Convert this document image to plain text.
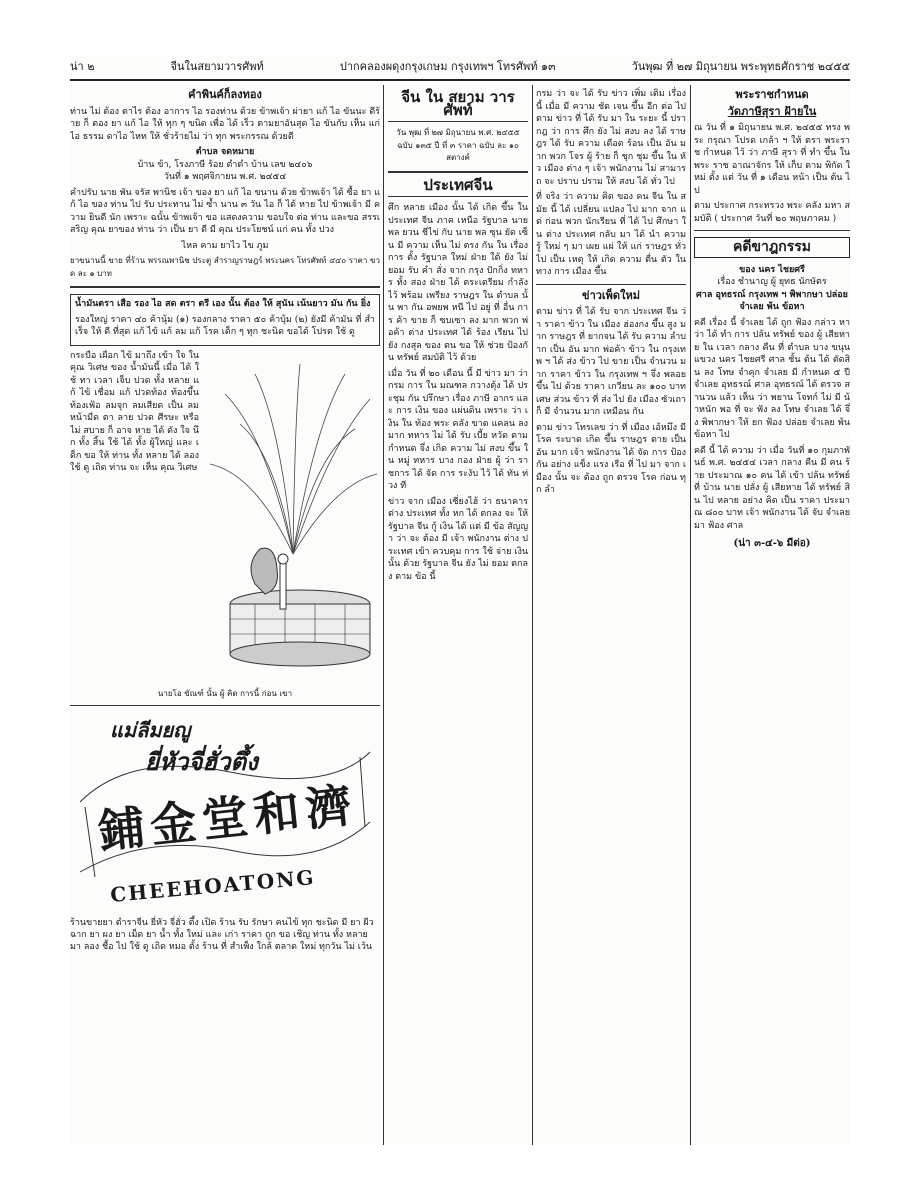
น่า ๒	จีนในสยามวารศัพท์	ปากคลองผดุงกรุงเกษม กรุงเทพฯ โทรศัพท์ ๑๓	วันพุฒ ที่ ๒๗ มิถุนายน พระพุทธศักราช ๒๔๕๕
คำพินค์ก็ลงทอง

ท่าน ไม่ ต้อง ตาไร ต้อง อาการ ไอ รองท่าน ด้วย ข้าพเจ้า ผ่ายา แก้ ไอ ขันนะ ดีร้าย ก็ ตอง ยา แก้ ไอ ให้ ทุก ๆ ขนิด เพื่อ ได้ เร็ว ตามยาอันสุด ไอ ขันกับ เห็น แก่ ไอ ธรรม ดาไอ ไหท ให้ ชั่วร้ายไม่ ว่า ทุก พระกรรณ ด้วยดี

ตำบล จดหมาย
บ้าน ข้า, โรงภาษี ร้อย ตำตำ บ้าน เลข ๒๔๐๖
วันที่ ๑ พฤศจิกายน พ.ศ. ๒๔๕๔

คำปรับ นาย พัน จรัส พานิช เจ้า ของ ยา แก้ ไอ ขนาน ด้วย ข้าพเจ้า ได้ ซื้อ ยา แก้ ไอ ของ ท่าน ไป รับ ประทาน ไม่ ซ้ำ นาน ๓ วัน ไอ ก็ ได้ หาย ไป ข้าพเจ้า มี ความ ยินดี นัก เพราะ ฉนั้น ข้าพเจ้า ขอ แสดงความ ขอบใจ ต่อ ท่าน และขอ สรรเสริญ คุณ ยาของ ท่าน ว่า เป็น ยา ดี มี คุณ ประโยชน์ แก่ คน ทั้ง ปวง

ไหล คาม ยาไว ไข ภูม

ยาขนานนี้ ขาย ที่ร้าน พรรณพานิช ประตู สำราญราษฎร์ พระนคร โทรศัพท์ ๔๔๐ ราคา ขวด ละ ๑ บาท

น้ำมันตรา เสือ รอง ไอ สด ตรา ตรี เอง นั้น ต้อง ให้ สุนัน เน้นยาว มัน กัน ยิ่ง

รองใหญ่ ราคา ๔๐ ค้านุ้ม (๑) รองกลาง ราคา ๕๐ ค้าบุ้ม (๒) ยังมี ค้ามัน ที่ สำเร็จ ให้ ดี ที่สุด แก้ ไข้ แก้ ลม แก้ โรค เด็ก ๆ ทุก ชะนิด ขอได้ โปรด ใช้ ดู

กระบือ เผือก ไข้ มาถึง เข้า ใจ ใน คุณ วิเศษ ของ น้ำมันนี้ เมื่อ ได้ ใช้ ทา เวลา เจ็บ ปวด ทั้ง หลาย แก้ ไข้ เชื่อม แก้ ปวดท้อง ท้องขึ้น ท้องเฟ้อ ลมจุก ลมเสียด เป็น ลม หน้ามืด ตา ลาย ปวด ศีรษะ หรือ ไม่ สบาย ก็ อาจ หาย ได้ ดัง ใจ นึก ทั้ง สิ้น ใช้ ได้ ทั้ง ผู้ใหญ่ และ เด็ก ขอ ให้ ท่าน ทั้ง หลาย ได้ ลอง ใช้ ดู เถิด ท่าน จะ เห็น คุณ วิเศษ

นายโอ ขัณฑ์ นั้น ผู้ คิด การนี้ ก่อน เขา
แม่ลีมยญู
ยี่หัวจี่ฮั่วตึ้ง
鋪金堂和濟
CHEEHOATONG
ร้านขายยา ตำราจีน ยี่หัว จี่ฮั่ว ตึ้ง เปิด ร้าน รับ รักษา คนไข้ ทุก ชะนิด มี ยา ผีวฉาก ยา ผง ยา เม็ด ยา น้ำ ทั้ง ใหม่ และ เก่า ราคา ถูก ขอ เชิญ ท่าน ทั้ง หลาย มา ลอง ชื้อ ไป ใช้ ดู เถิด หมอ ตั้ง ร้าน ที่ สำเพ็ง ใกล้ ตลาด ใหม่ ทุกวัน ไม่ เว้น
จีน ใน สยาม วารศัพท์
วัน พุฒ ที่ ๒๗ มิถุนายน พ.ศ. ๒๔๕๕
ฉบับ ๑๓๕ ปี ที่ ๓ ราคา ฉบับ ละ ๑๐ สตางค์
ประเทศจีน

ศึก หลาย เมือง นั้น ได้ เกิด ขึ้น ใน ประเทศ จีน ภาค เหนือ รัฐบาล นาย พล ยวน ชีไข่ กับ นาย พล ซุน ยัด เซ็น มี ความ เห็น ไม่ ตรง กัน ใน เรื่อง การ ตั้ง รัฐบาล ใหม่ ฝ่าย ใต้ ยัง ไม่ ยอม รับ คำ สั่ง จาก กรุง ปักกิ่ง ทหาร ทั้ง สอง ฝ่าย ได้ ตระเตรียม กำลัง ไว้ พร้อม เพรียง ราษฎร ใน ตำบล นั้น พา กัน อพยพ หนี ไป อยู่ ที่ อื่น การ ค้า ขาย ก็ ซบเซา ลง มาก พวก พ่อค้า ต่าง ประเทศ ได้ ร้อง เรียน ไป ยัง กงสุล ของ ตน ขอ ให้ ช่วย ป้องกัน ทรัพย์ สมบัติ ไว้ ด้วย

เมื่อ วัน ที่ ๒๐ เดือน นี้ มี ข่าว มา ว่า กรม การ ใน มณฑล กวางตุ้ง ได้ ประชุม กัน ปรึกษา เรื่อง ภาษี อากร และ การ เงิน ของ แผ่นดิน เพราะ ว่า เงิน ใน ท้อง พระ คลัง ขาด แคลน ลง มาก ทหาร ไม่ ได้ รับ เบี้ย หวัด ตาม กำหนด จึ่ง เกิด ความ ไม่ สงบ ขึ้น ใน หมู่ ทหาร บาง กอง ฝ่าย ผู้ ว่า ราชการ ได้ จัด การ ระงับ ไว้ ได้ ทัน ท่วง ที

ข่าว จาก เมือง เซี่ยงไฮ้ ว่า ธนาคาร ต่าง ประเทศ ทั้ง หก ได้ ตกลง จะ ให้ รัฐบาล จีน กู้ เงิน ได้ แต่ มี ข้อ สัญญา ว่า จะ ต้อง มี เจ้า พนักงาน ต่าง ประเทศ เข้า ควบคุม การ ใช้ จ่าย เงิน นั้น ด้วย รัฐบาล จีน ยัง ไม่ ยอม ตกลง ตาม ข้อ นี้

กรม ว่า จะ ได้ รับ ข่าว เพิ่ม เติม เรื่อง นี้ เมื่อ มี ความ ชัด เจน ขึ้น อีก ต่อ ไป ตาม ข่าว ที่ ได้ รับ มา ใน ระยะ นี้ ปรากฎ ว่า การ ศึก ยัง ไม่ สงบ ลง ได้ ราษฎร ได้ รับ ความ เดือด ร้อน เป็น อัน มาก พวก โจร ผู้ ร้าย ก็ ชุก ชุม ขึ้น ใน หัว เมือง ต่าง ๆ เจ้า พนักงาน ไม่ สามารถ จะ ปราบ ปราม ให้ สงบ ได้ ทั่ว ไป

ที่ จริง ว่า ความ คิด ของ คน จีน ใน สมัย นี้ ได้ เปลี่ยน แปลง ไป มาก จาก แต่ ก่อน พวก นักเรียน ที่ ได้ ไป ศึกษา ใน ต่าง ประเทศ กลับ มา ได้ นำ ความ รู้ ใหม่ ๆ มา เผย แผ่ ให้ แก่ ราษฎร ทั่ว ไป เป็น เหตุ ให้ เกิด ความ ตื่น ตัว ใน ทาง การ เมือง ขึ้น

ข่าวเพ็ดใหม่

ตาม ข่าว ที่ ได้ รับ จาก ประเทศ จีน ว่า ราคา ข้าว ใน เมือง ฮ่องกง ขึ้น สูง มาก ราษฎร ที่ ยากจน ได้ รับ ความ ลำบาก เป็น อัน มาก พ่อค้า ข้าว ใน กรุงเทพ ฯ ได้ ส่ง ข้าว ไป ขาย เป็น จำนวน มาก ราคา ข้าว ใน กรุงเทพ ฯ จึ่ง พลอย ขึ้น ไป ด้วย ราคา เกวียน ละ ๑๐๐ บาท เศษ ส่วน ข้าว ที่ ส่ง ไป ยัง เมือง ซัวเถา ก็ มี จำนวน มาก เหมือน กัน

ตาม ข่าว โทรเลข ว่า ที่ เมือง เอ้หมึง มี โรค ระบาด เกิด ขึ้น ราษฎร ตาย เป็น อัน มาก เจ้า พนักงาน ได้ จัด การ ป้องกัน อย่าง แข็ง แรง เรือ ที่ ไป มา จาก เมือง นั้น จะ ต้อง ถูก ตรวจ โรค ก่อน ทุก ลำ

พระราชกำหนด
วัดภาษีสุรา ฝ้ายใน

ณ วัน ที่ ๑ มิถุนายน พ.ศ. ๒๔๕๕ ทรง พระ กรุณา โปรด เกล้า ฯ ให้ ตรา พระราช กำหนด ไว้ ว่า ภาษี สุรา ที่ ทำ ขึ้น ใน พระ ราช อาณาจักร ให้ เก็บ ตาม พิกัด ใหม่ ตั้ง แต่ วัน ที่ ๑ เดือน หน้า เป็น ต้น ไป

ตาม ประกาศ กระทรวง พระ คลัง มหา สมบัติ ( ประกาศ วันที่ ๒๐ พฤษภาคม )

คดีขาฎกรรม
ของ นคร ไชยศรี
เรื่อง ชำนาญ ผู้ ยุทธ นักษัตร
ศาล อุทธรณ์ กรุงเทพ ฯ พิพากษา ปล่อย จำเลย พ้น ข้อหา

คดี เรื่อง นี้ จำเลย ได้ ถูก ฟ้อง กล่าว หา ว่า ได้ ทำ การ ปล้น ทรัพย์ ของ ผู้ เสียหาย ใน เวลา กลาง คืน ที่ ตำบล บาง ขนุน แขวง นคร ไชยศรี ศาล ชั้น ต้น ได้ ตัดสิน ลง โทษ จำคุก จำเลย มี กำหนด ๕ ปี จำเลย อุทธรณ์ ศาล อุทธรณ์ ได้ ตรวจ สำนวน แล้ว เห็น ว่า พยาน โจทก์ ไม่ มี น้ำหนัก พอ ที่ จะ ฟัง ลง โทษ จำเลย ได้ จึ่ง พิพากษา ให้ ยก ฟ้อง ปล่อย จำเลย พ้น ข้อหา ไป

คดี นี้ ได้ ความ ว่า เมื่อ วันที่ ๑๐ กุมภาพันธ์ พ.ศ. ๒๔๕๔ เวลา กลาง คืน มี คน ร้าย ประมาณ ๑๐ คน ได้ เข้า ปล้น ทรัพย์ ที่ บ้าน นาย ปลั่ง ผู้ เสียหาย ได้ ทรัพย์ สิน ไป หลาย อย่าง คิด เป็น ราคา ประมาณ ๘๐๐ บาท เจ้า พนักงาน ได้ จับ จำเลย มา ฟ้อง ศาล

(น่า ๓-๔-๖ มีต่อ)
